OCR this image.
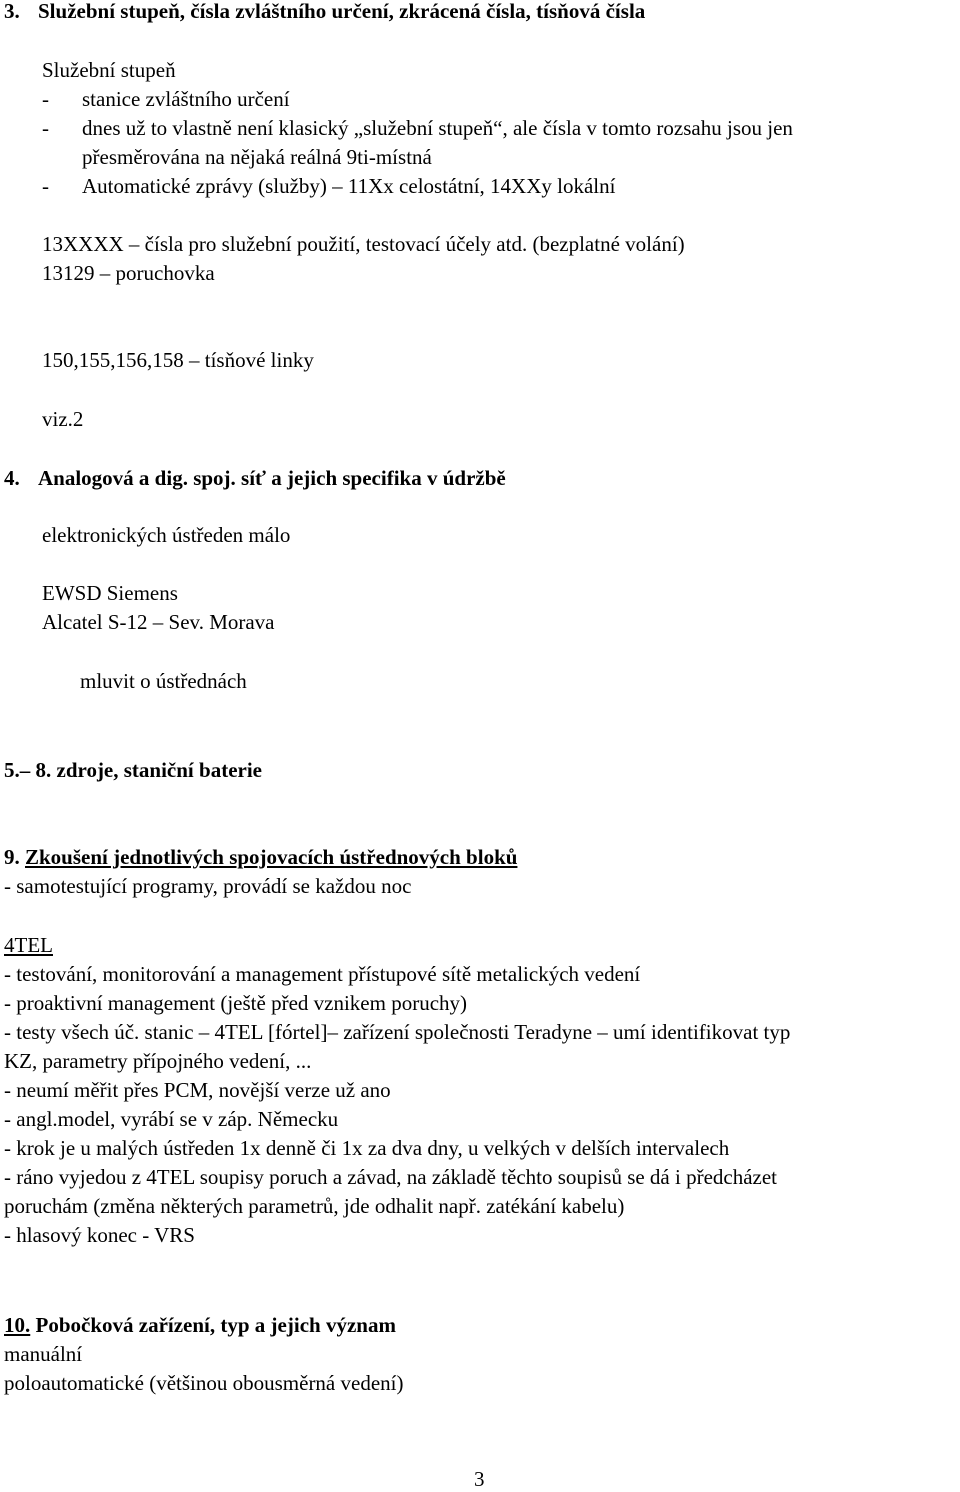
3. Služební stupeň, čísla zvláštního určení, zkrácená čísla, tísňová čísla
Služební stupeň
- stanice zvláštního určení
- dnes už to vlastně není klasický „služební stupeň“, ale čísla v tomto rozsahu jsou jen
přesměrována na nějaká reálná 9ti-místná
- Automatické zprávy (služby) – 11Xx celostátní, 14XXy lokální
13XXXX – čísla pro služební použití, testovací účely atd. (bezplatné volání)
13129 – poruchovka
150,155,156,158 – tísňové linky
viz.2
4. Analogová a dig. spoj. síť a jejich specifika v údržbě
elektronických ústředen málo
EWSD Siemens
Alcatel S-12 – Sev. Morava
mluvit o ústřednách
5.– 8. zdroje, staniční baterie
9. Zkoušení jednotlivých spojovacích ústřednových bloků
- samotestující programy, provádí se každou noc
4TEL
- testování, monitorování a management přístupové sítě metalických vedení
- proaktivní management (ještě před vznikem poruchy)
- testy všech úč. stanic – 4TEL [fórtel]– zařízení společnosti Teradyne – umí identifikovat typ
KZ, parametry přípojného vedení, ...
- neumí měřit přes PCM, novější verze už ano
- angl.model, vyrábí se v záp. Německu
- krok je u malých ústředen 1x denně či 1x za dva dny, u velkých v delších intervalech
- ráno vyjedou z 4TEL soupisy poruch a závad, na základě těchto soupisů se dá i předcházet
poruchám (změna některých parametrů, jde odhalit např. zatékání kabelu)
- hlasový konec - VRS
10. Pobočková zařízení, typ a jejich význam
manuální
poloautomatické (většinou obousměrná vedení)
3
